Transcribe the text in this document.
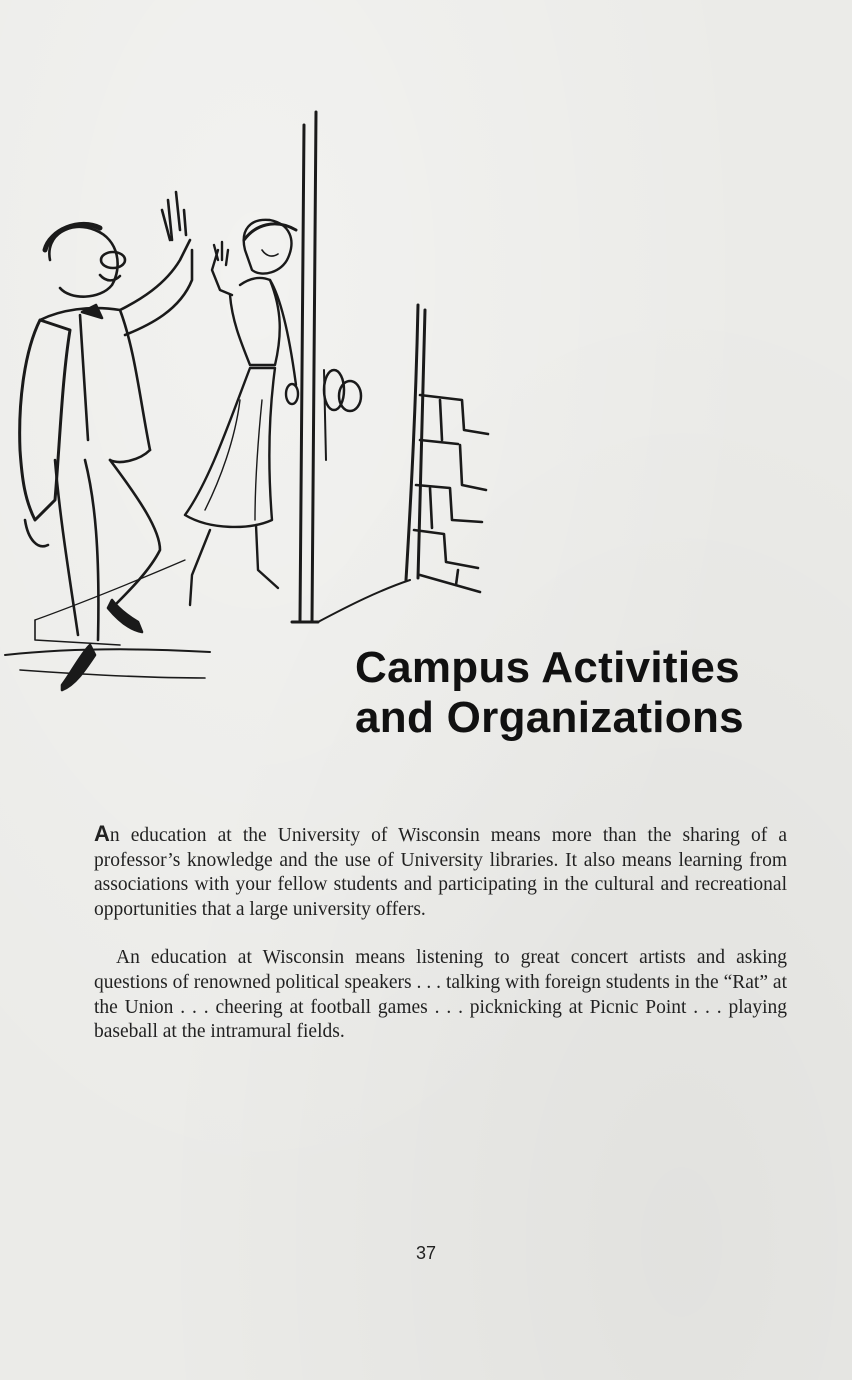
Campus Activities
and Organizations

An education at the University of Wisconsin means more than the sharing of a professor’s knowledge and the use of University libraries. It also means learning from associations with your fellow students and participating in the cultural and recreational opportunities that a large university offers.

An education at Wisconsin means listening to great concert artists and asking questions of renowned political speakers . . . talking with foreign students in the “Rat” at the Union . . . cheering at football games . . . picknicking at Picnic Point . . . playing baseball at the intramural fields.

37
